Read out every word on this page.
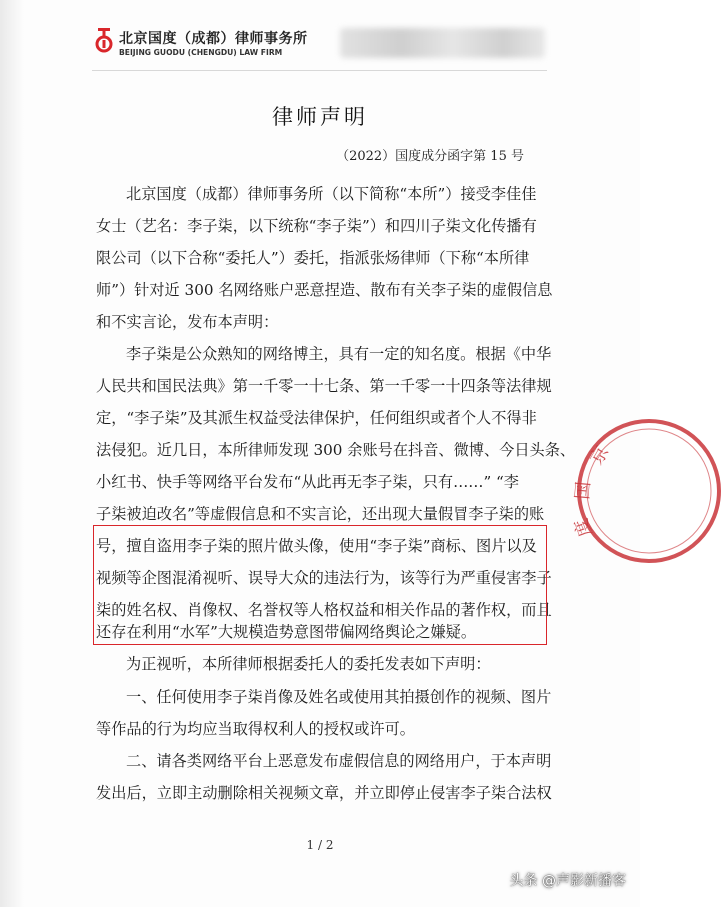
北京国度（成都）律师事务所
BEIJING GUODU (CHENGDU) LAW FIRM
律师声明
（2022）国度成分函字第 15 号
北京国度（成都）律师事务所（以下简称“本所”）接受李佳佳
女士（艺名：李子柒，以下统称“李子柒”）和四川子柒文化传播有
限公司（以下合称“委托人”）委托，指派张炀律师（下称“本所律
师”）针对近 300 名网络账户恶意捏造、散布有关李子柒的虚假信息
和不实言论，发布本声明：
李子柒是公众熟知的网络博主，具有一定的知名度。根据《中华
人民共和国民法典》第一千零一十七条、第一千零一十四条等法律规
定，“李子柒”及其派生权益受法律保护，任何组织或者个人不得非
法侵犯。近几日，本所律师发现 300 余账号在抖音、微博、今日头条、
小红书、快手等网络平台发布“从此再无李子柒，只有……” “李
子柒被迫改名”等虚假信息和不实言论，还出现大量假冒李子柒的账
号，擅自盗用李子柒的照片做头像，使用“李子柒”商标、图片以及
视频等企图混淆视听、误导大众的违法行为，该等行为严重侵害李子
柒的姓名权、肖像权、名誉权等人格权益和相关作品的著作权，而且
还存在利用“水军”大规模造势意图带偏网络舆论之嫌疑。
为正视听，本所律师根据委托人的委托发表如下声明：
一、任何使用李子柒肖像及姓名或使用其拍摄创作的视频、图片
等作品的行为均应当取得权利人的授权或许可。
二、请各类网络平台上恶意发布虚假信息的网络用户，于本声明
发出后，立即主动删除相关视频文章，并立即停止侵害李子柒合法权
1 / 2
京
国
度
头条 @声影新播客
